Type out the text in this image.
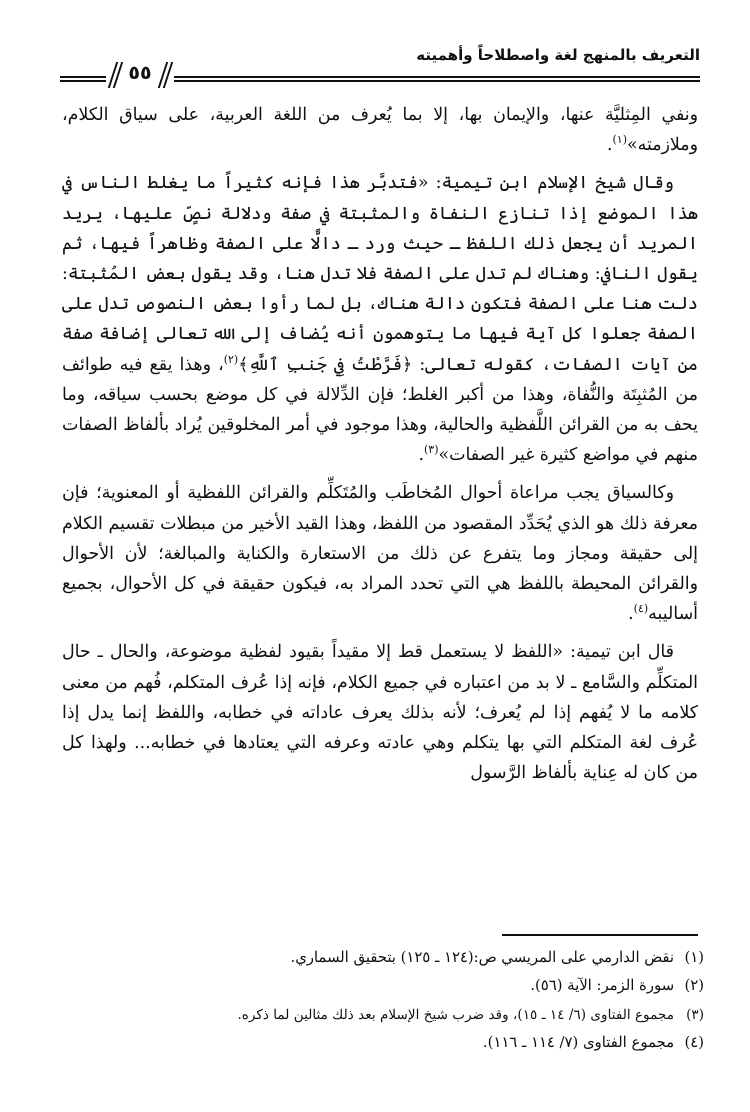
التعريف بالمنهج لغة واصطلاحاً وأهميته
٥٥

ونفي المِثليَّة عنها، والإيمان بها، إلا بما يُعرف من اللغة العربية، على سياق الكلام، وملازمته»$^{(١)}$.

وقال شيخ الإسلام ابن تيمية: «فتدبَّر هذا فإنه كثيراً ما يغلط الناس في هذا الموضع إذا تنازع النفاة والمثبتة في صفة ودلالة نصٍّ عليها، يريد المريد أن يجعل ذلك اللفظ ـ حيث ورد ـ دالًّا على الصفة وظاهراً فيها، ثم يقول النافي: وهناك لم تدل على الصفة فلا تدل هنا، وقد يقول بعض المُثبتة: دلت هنا على الصفة فتكون دالة هناك، بل لما رأوا بعض النصوص تدل على الصفة جعلوا كل آية فيها ما يتوهمون أنه يُضاف إلى الله تعالى إضافة صفة من آيات الصفات، كقوله تعالى: ﴿فَرَّطْتُ فِي جَنبِ ٱللَّهِ﴾$^{(٢)}$، وهذا يقع فيه طوائف من المُثبِتَة والنُّفاة، وهذا من أكبر الغلط؛ فإن الدِّلالة في كل موضع بحسب سياقه، وما يحف به من القرائن اللَّفظية والحالية، وهذا موجود في أمر المخلوقين يُراد بألفاظ الصفات منهم في مواضع كثيرة غير الصفات»$^{(٣)}$.

وكالسياق يجب مراعاة أحوال المُخاطَب والمُتَكلِّم والقرائن اللفظية أو المعنوية؛ فإن معرفة ذلك هو الذي يُحَدِّد المقصود من اللفظ، وهذا القيد الأخير من مبطلات تقسيم الكلام إلى حقيقة ومجاز وما يتفرع عن ذلك من الاستعارة والكناية والمبالغة؛ لأن الأحوال والقرائن المحيطة باللفظ هي التي تحدد المراد به، فيكون حقيقة في كل الأحوال، بجميع أساليبه$^{(٤)}$.

قال ابن تيمية: «اللفظ لا يستعمل قط إلا مقيداً بقيود لفظية موضوعة، والحال ـ حال المتكلِّم والسَّامع ـ لا بد من اعتباره في جميع الكلام، فإنه إذا عُرف المتكلم، فُهم من معنى كلامه ما لا يُفهم إذا لم يُعرف؛ لأنه بذلك يعرف عاداته في خطابه، واللفظ إنما يدل إذا عُرف لغة المتكلم التي بها يتكلم وهي عادته وعرفه التي يعتادها في خطابه... ولهذا كل من كان له عِناية بألفاظ الرَّسول

(١)نقض الدارمي على المريسي ص:(١٢٤ ـ ١٢٥) بتحقيق السماري.
(٢)سورة الزمر: الآية (٥٦).
(٣)مجموع الفتاوى (٦/ ١٤ ـ ١٥)، وقد ضرب شيخ الإسلام بعد ذلك مثالين لما ذكره.
(٤)مجموع الفتاوى (٧/ ١١٤ ـ ١١٦).
